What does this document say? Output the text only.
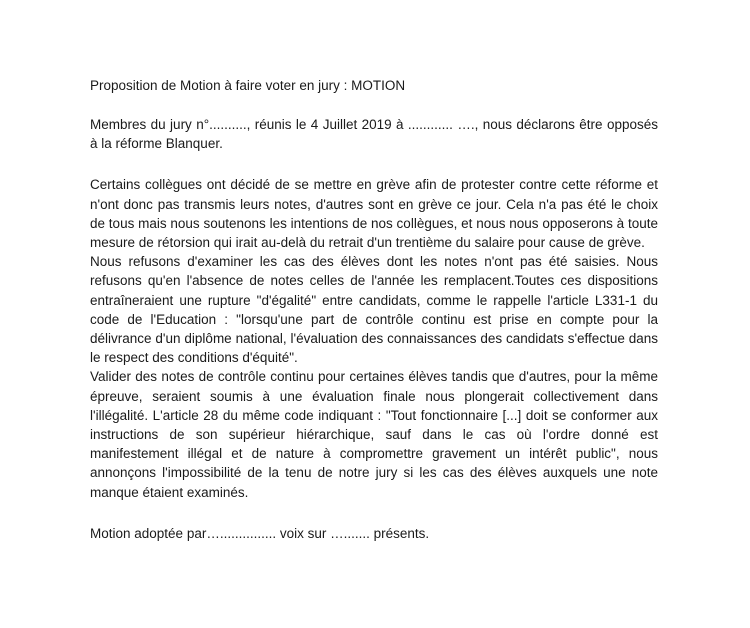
Proposition de Motion à faire voter en jury : MOTION

Membres du jury n°.........., réunis le 4 Juillet 2019 à ............ …., nous déclarons être opposés à la réforme Blanquer.

Certains collègues ont décidé de se mettre en grève afin de protester contre cette réforme et n'ont donc pas transmis leurs notes, d'autres sont en grève ce jour. Cela n'a pas été le choix de tous mais nous soutenons les intentions de nos collègues, et nous nous opposerons à toute mesure de rétorsion qui irait au-delà du retrait d'un trentième du salaire pour cause de grève.

Nous refusons d'examiner les cas des élèves dont les notes n'ont pas été saisies. Nous refusons qu'en l'absence de notes celles de l'année les remplacent.Toutes ces dispositions entraîneraient une rupture "d'égalité" entre candidats, comme le rappelle l'article L331-1 du code de l'Education : "lorsqu'une part de contrôle continu est prise en compte pour la délivrance d'un diplôme national, l'évaluation des connaissances des candidats s'effectue dans le respect des conditions d'équité".

Valider des notes de contrôle continu pour certaines élèves tandis que d'autres, pour la même épreuve, seraient soumis à une évaluation finale nous plongerait collectivement dans l'illégalité. L'article 28 du même code indiquant : "Tout fonctionnaire [...] doit se conformer aux instructions de son supérieur hiérarchique, sauf dans le cas où l'ordre donné est manifestement illégal et de nature à compromettre gravement un intérêt public", nous annonçons l'impossibilité de la tenu de notre jury si les cas des élèves auxquels une note manque étaient examinés.

Motion adoptée par…............... voix sur …....... présents.
